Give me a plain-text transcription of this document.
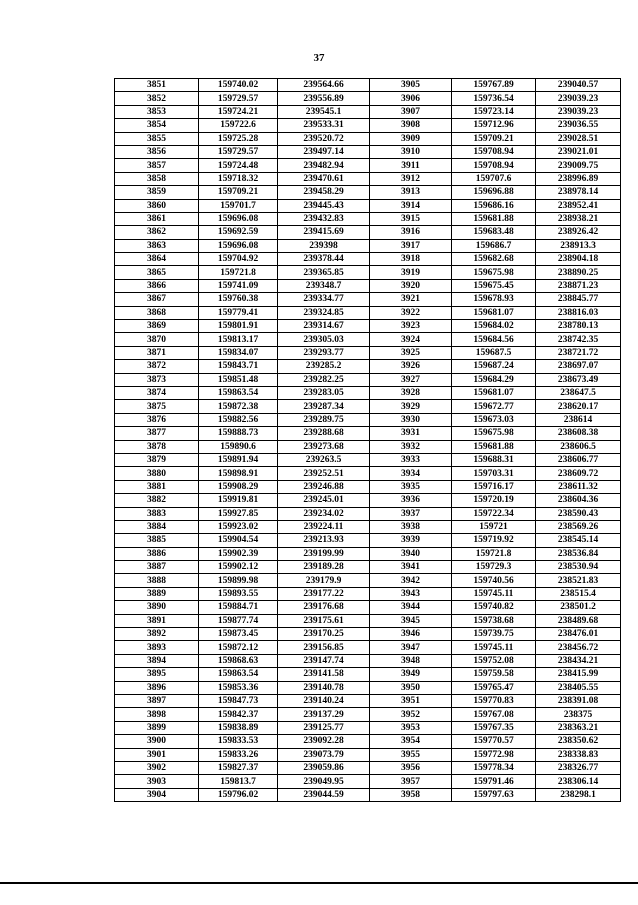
37
3851	159740.02	239564.66	3905	159767.89	239040.57
3852	159729.57	239556.89	3906	159736.54	239039.23
3853	159724.21	239545.1	3907	159723.14	239039.23
3854	159722.6	239533.31	3908	159712.96	239036.55
3855	159725.28	239520.72	3909	159709.21	239028.51
3856	159729.57	239497.14	3910	159708.94	239021.01
3857	159724.48	239482.94	3911	159708.94	239009.75
3858	159718.32	239470.61	3912	159707.6	238996.89
3859	159709.21	239458.29	3913	159696.88	238978.14
3860	159701.7	239445.43	3914	159686.16	238952.41
3861	159696.08	239432.83	3915	159681.88	238938.21
3862	159692.59	239415.69	3916	159683.48	238926.42
3863	159696.08	239398	3917	159686.7	238913.3
3864	159704.92	239378.44	3918	159682.68	238904.18
3865	159721.8	239365.85	3919	159675.98	238890.25
3866	159741.09	239348.7	3920	159675.45	238871.23
3867	159760.38	239334.77	3921	159678.93	238845.77
3868	159779.41	239324.85	3922	159681.07	238816.03
3869	159801.91	239314.67	3923	159684.02	238780.13
3870	159813.17	239305.03	3924	159684.56	238742.35
3871	159834.07	239293.77	3925	159687.5	238721.72
3872	159843.71	239285.2	3926	159687.24	238697.07
3873	159851.48	239282.25	3927	159684.29	238673.49
3874	159863.54	239283.05	3928	159681.07	238647.5
3875	159872.38	239287.34	3929	159672.77	238620.17
3876	159882.56	239289.75	3930	159673.03	238614
3877	159888.73	239288.68	3931	159675.98	238608.38
3878	159890.6	239273.68	3932	159681.88	238606.5
3879	159891.94	239263.5	3933	159688.31	238606.77
3880	159898.91	239252.51	3934	159703.31	238609.72
3881	159908.29	239246.88	3935	159716.17	238611.32
3882	159919.81	239245.01	3936	159720.19	238604.36
3883	159927.85	239234.02	3937	159722.34	238590.43
3884	159923.02	239224.11	3938	159721	238569.26
3885	159904.54	239213.93	3939	159719.92	238545.14
3886	159902.39	239199.99	3940	159721.8	238536.84
3887	159902.12	239189.28	3941	159729.3	238530.94
3888	159899.98	239179.9	3942	159740.56	238521.83
3889	159893.55	239177.22	3943	159745.11	238515.4
3890	159884.71	239176.68	3944	159740.82	238501.2
3891	159877.74	239175.61	3945	159738.68	238489.68
3892	159873.45	239170.25	3946	159739.75	238476.01
3893	159872.12	239156.85	3947	159745.11	238456.72
3894	159868.63	239147.74	3948	159752.08	238434.21
3895	159863.54	239141.58	3949	159759.58	238415.99
3896	159853.36	239140.78	3950	159765.47	238405.55
3897	159847.73	239140.24	3951	159770.83	238391.08
3898	159842.37	239137.29	3952	159767.08	238375
3899	159838.89	239125.77	3953	159767.35	238363.21
3900	159833.53	239092.28	3954	159770.57	238350.62
3901	159833.26	239073.79	3955	159772.98	238338.83
3902	159827.37	239059.86	3956	159778.34	238326.77
3903	159813.7	239049.95	3957	159791.46	238306.14
3904	159796.02	239044.59	3958	159797.63	238298.1
